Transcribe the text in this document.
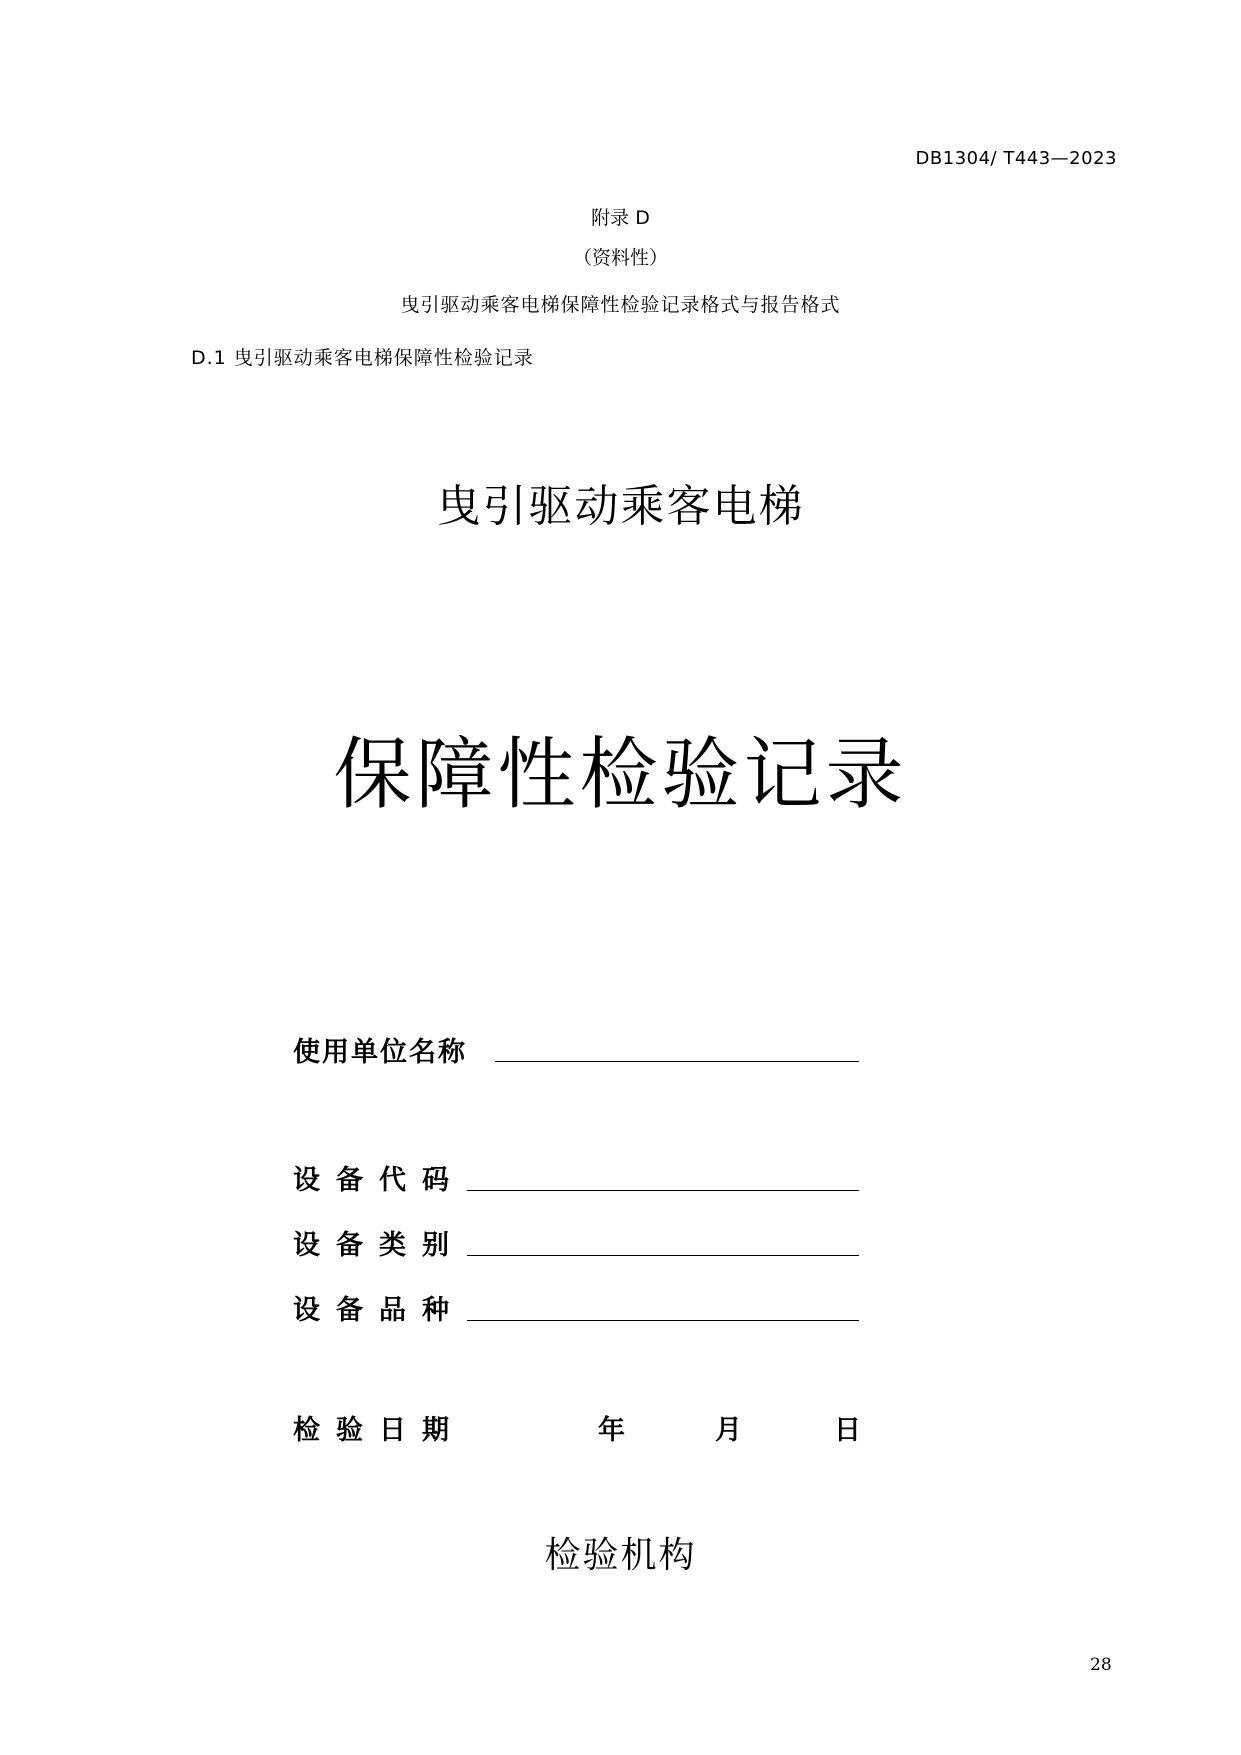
DB1304/ T443—2023
附录 D
（资料性）
曳引驱动乘客电梯保障性检验记录格式与报告格式
D.1 曳引驱动乘客电梯保障性检验记录
曳引驱动乘客电梯
保障性检验记录
使用单位名称
设备代码
设备类别
设备品种
检验日期	年	月	日
检验机构
28
